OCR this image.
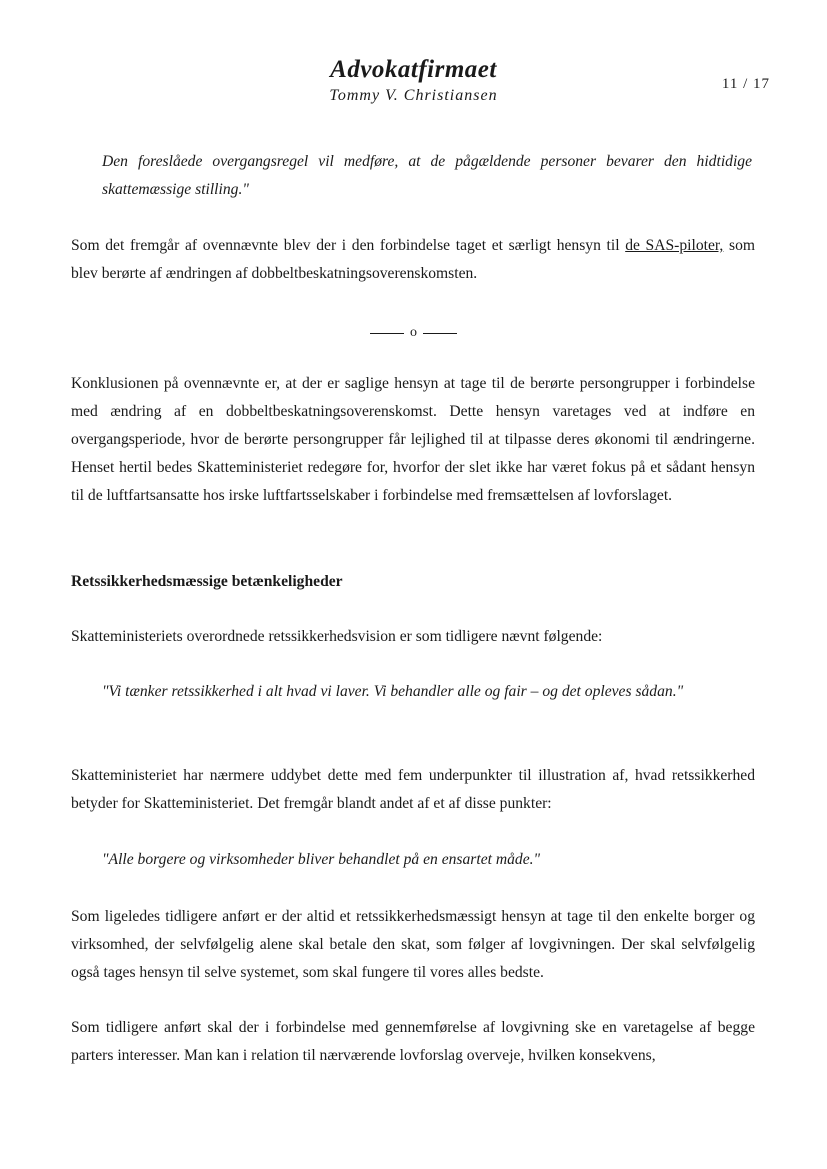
Advokatfirmaet
Tommy V. Christiansen
11 / 17
Den foreslåede overgangsregel vil medføre, at de pågældende personer bevarer den hidtidige skattemæssige stilling."
Som det fremgår af ovennævnte blev der i den forbindelse taget et særligt hensyn til de SAS-piloter, som blev berørte af ændringen af dobbeltbeskatningsoverenskomsten.
o
Konklusionen på ovennævnte er, at der er saglige hensyn at tage til de berørte persongrupper i forbindelse med ændring af en dobbeltbeskatningsoverenskomst. Dette hensyn varetages ved at indføre en overgangsperiode, hvor de berørte persongrupper får lejlighed til at tilpasse deres økonomi til ændringerne. Henset hertil bedes Skatteministeriet redegøre for, hvorfor der slet ikke har været fokus på et sådant hensyn til de luftfartsansatte hos irske luftfartsselskaber i forbindelse med fremsættelsen af lovforslaget.
Retssikkerhedsmæssige betænkeligheder
Skatteministeriets overordnede retssikkerhedsvision er som tidligere nævnt følgende:
"Vi tænker retssikkerhed i alt hvad vi laver. Vi behandler alle og fair – og det opleves sådan."
Skatteministeriet har nærmere uddybet dette med fem underpunkter til illustration af, hvad retssikkerhed betyder for Skatteministeriet. Det fremgår blandt andet af et af disse punkter:
"Alle borgere og virksomheder bliver behandlet på en ensartet måde."
Som ligeledes tidligere anført er der altid et retssikkerhedsmæssigt hensyn at tage til den enkelte borger og virksomhed, der selvfølgelig alene skal betale den skat, som følger af lovgivningen. Der skal selvfølgelig også tages hensyn til selve systemet, som skal fungere til vores alles bedste.
Som tidligere anført skal der i forbindelse med gennemførelse af lovgivning ske en varetagelse af begge parters interesser. Man kan i relation til nærværende lovforslag overveje, hvilken konsekvens,
